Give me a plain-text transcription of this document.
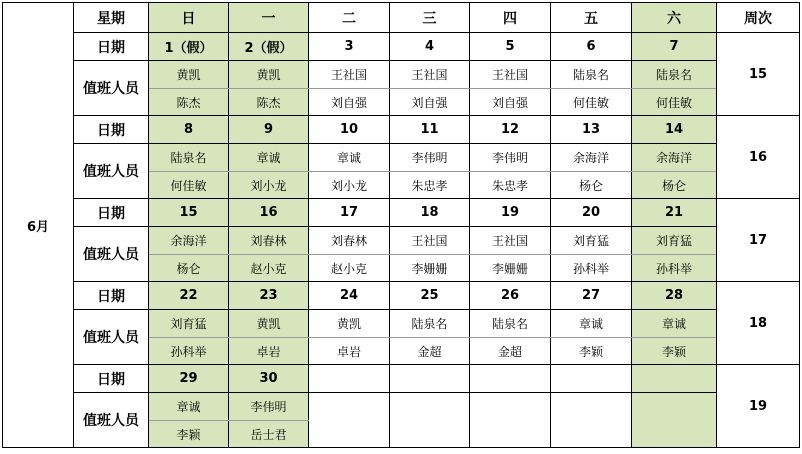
6月	星期	日	一	二	三	四	五	六	周次
	日期	1（假）	2（假）	3	4	5	6	7	15
	值班人员	黄凯	黄凯	王社国	王社国	王社国	陆泉名	陆泉名	
		陈杰	陈杰	刘自强	刘自强	刘自强	何佳敏	何佳敏	
	日期	8	9	10	11	12	13	14	16
	值班人员	陆泉名	章诚	章诚	李伟明	李伟明	余海洋	余海洋	
		何佳敏	刘小龙	刘小龙	朱忠孝	朱忠孝	杨仑	杨仑	
	日期	15	16	17	18	19	20	21	17
	值班人员	余海洋	刘春林	刘春林	王社国	王社国	刘育猛	刘育猛	
		杨仑	赵小克	赵小克	李姗姗	李姗姗	孙科举	孙科举	
	日期	22	23	24	25	26	27	28	18
	值班人员	刘育猛	黄凯	黄凯	陆泉名	陆泉名	章诚	章诚	
		孙科举	卓岩	卓岩	金超	金超	李颖	李颖	
	日期	29	30						19
	值班人员	章诚	李伟明						
		李颖	岳士君						
